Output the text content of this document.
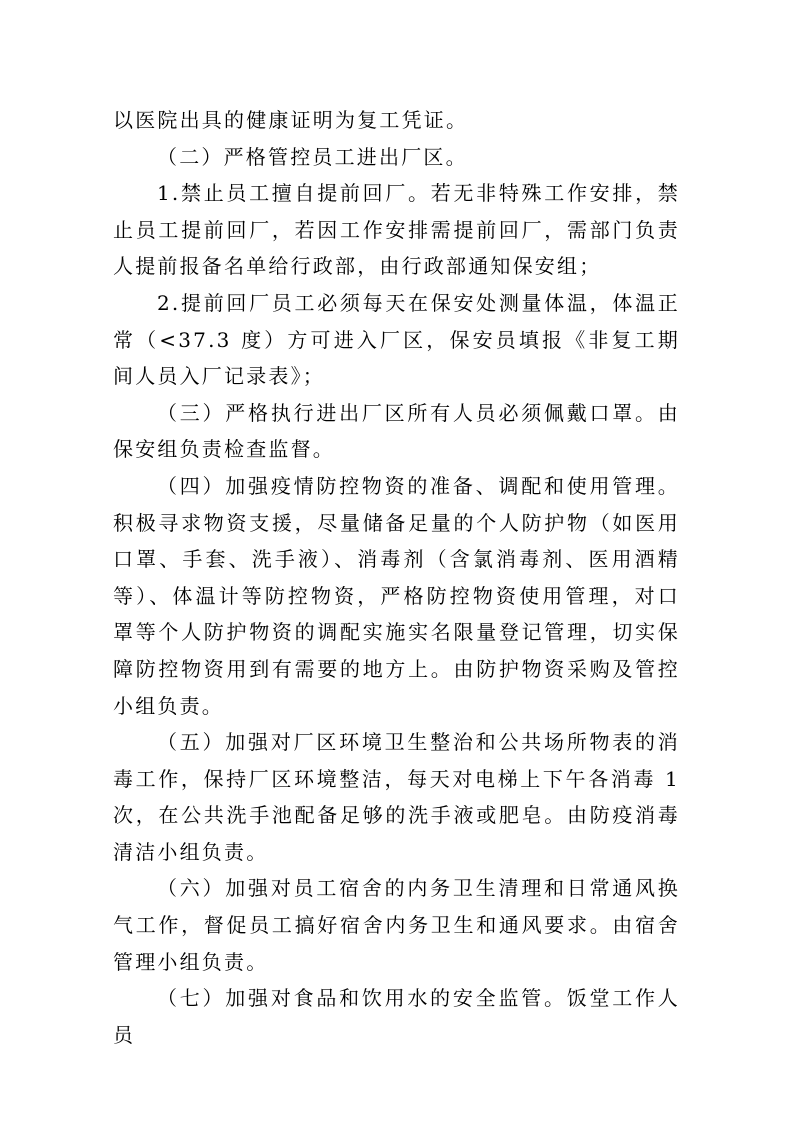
以医院出具的健康证明为复工凭证。

（二）严格管控员工进出厂区。

1.禁止员工擅自提前回厂。若无非特殊工作安排，禁止员工提前回厂，若因工作安排需提前回厂，需部门负责人提前报备名单给行政部，由行政部通知保安组；

2.提前回厂员工必须每天在保安处测量体温，体温正常（<37.3 度）方可进入厂区，保安员填报《非复工期间人员入厂记录表》；

（三）严格执行进出厂区所有人员必须佩戴口罩。由保安组负责检查监督。

（四）加强疫情防控物资的准备、调配和使用管理。积极寻求物资支援，尽量储备足量的个人防护物（如医用口罩、手套、洗手液）、消毒剂（含氯消毒剂、医用酒精等）、体温计等防控物资，严格防控物资使用管理，对口罩等个人防护物资的调配实施实名限量登记管理，切实保障防控物资用到有需要的地方上。由防护物资采购及管控小组负责。

（五）加强对厂区环境卫生整治和公共场所物表的消毒工作，保持厂区环境整洁，每天对电梯上下午各消毒 1 次，在公共洗手池配备足够的洗手液或肥皂。由防疫消毒清洁小组负责。

（六）加强对员工宿舍的内务卫生清理和日常通风换气工作，督促员工搞好宿舍内务卫生和通风要求。由宿舍管理小组负责。

（七）加强对食品和饮用水的安全监管。饭堂工作人员
